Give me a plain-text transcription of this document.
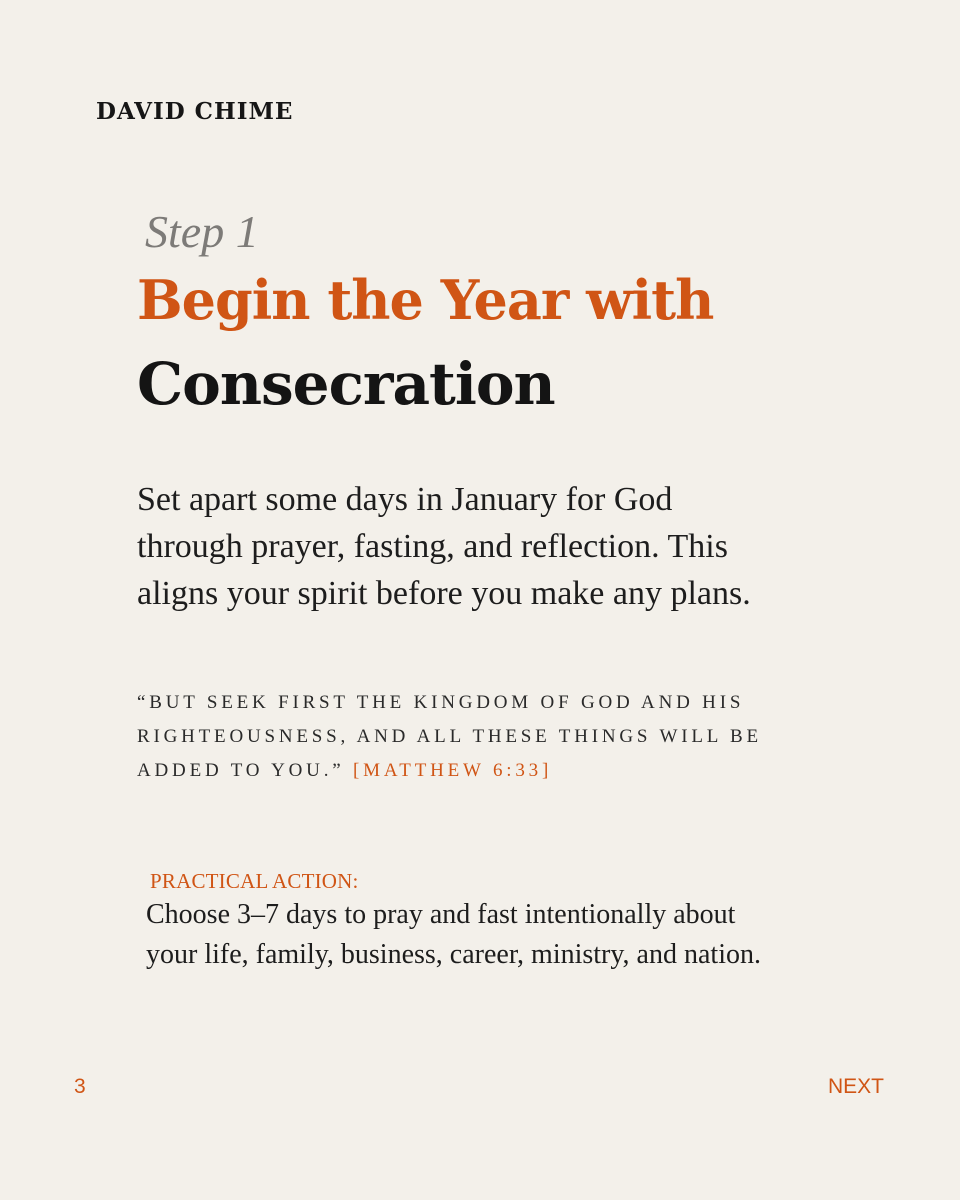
DAVID CHIME
Step 1
Begin the Year with
Consecration

Set apart some days in January for God through prayer, fasting, and reflection. This aligns your spirit before you make any plans.

“BUT SEEK FIRST THE KINGDOM OF GOD AND HIS RIGHTEOUSNESS, AND ALL THESE THINGS WILL BE ADDED TO YOU.” [MATTHEW 6:33]

PRACTICAL ACTION:

Choose 3–7 days to pray and fast intentionally about your life, family, business, career, ministry, and nation.

3	NEXT
